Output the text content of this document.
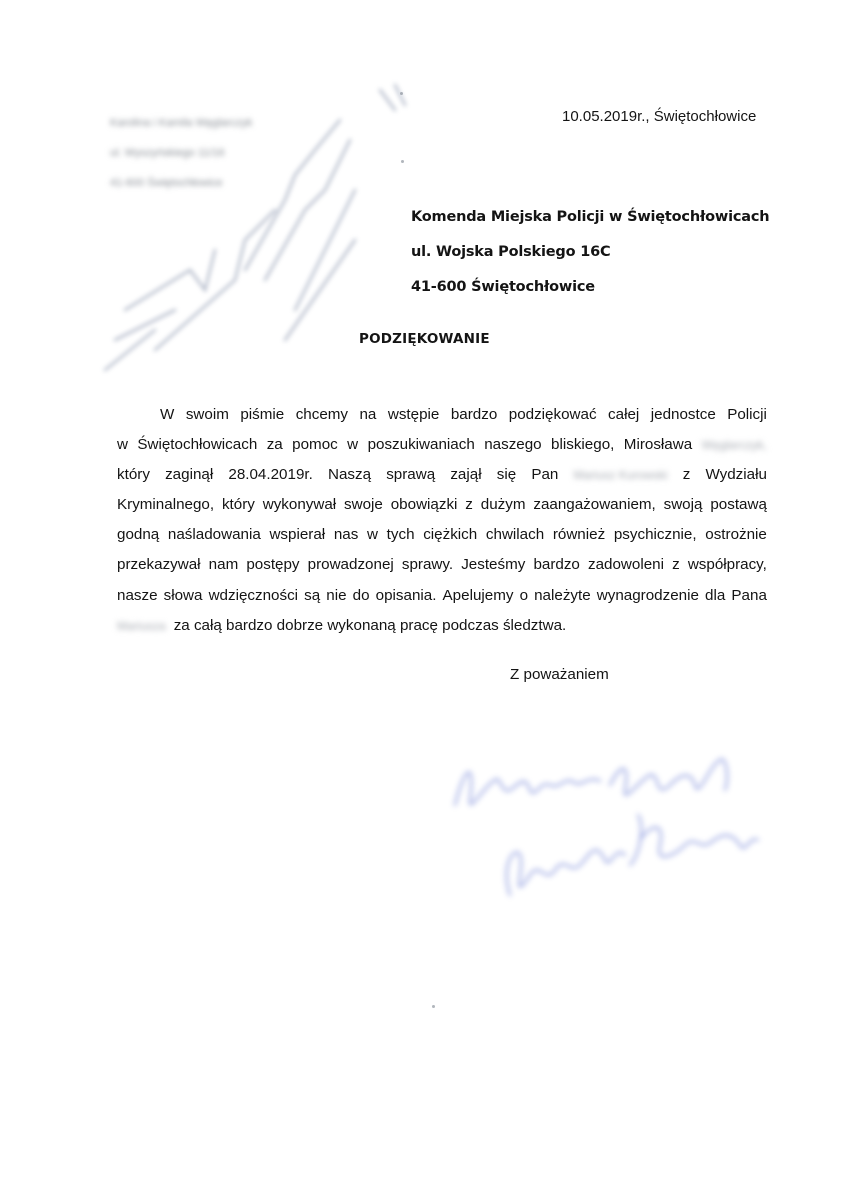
Karolina i Kamila Węglarczyk
ul. Wyszyńskiego 11/16
41-600 Świętochłowice
10.05.2019r., Świętochłowice
Komenda Miejska Policji w Świętochłowicach
ul. Wojska Polskiego 16C
41-600 Świętochłowice
PODZIĘKOWANIE
W swoim piśmie chcemy na wstępie bardzo podziękować całej jednostce Policji
w Świętochłowicach za pomoc w poszukiwaniach naszego bliskiego, Mirosława Węglarczyk,
który zaginął 28.04.2019r. Naszą sprawą zajął się Pan Mariusz Kurowski z Wydziału
Kryminalnego, który wykonywał swoje obowiązki z dużym zaangażowaniem, swoją postawą
godną naśladowania wspierał nas w tych ciężkich chwilach również psychicznie, ostrożnie
przekazywał nam postępy prowadzonej sprawy. Jesteśmy bardzo zadowoleni z współpracy,
nasze słowa wdzięczności są nie do opisania. Apelujemy o należyte wynagrodzenie dla Pana
Mariusza za całą bardzo dobrze wykonaną pracę podczas śledztwa.
Z poważaniem
